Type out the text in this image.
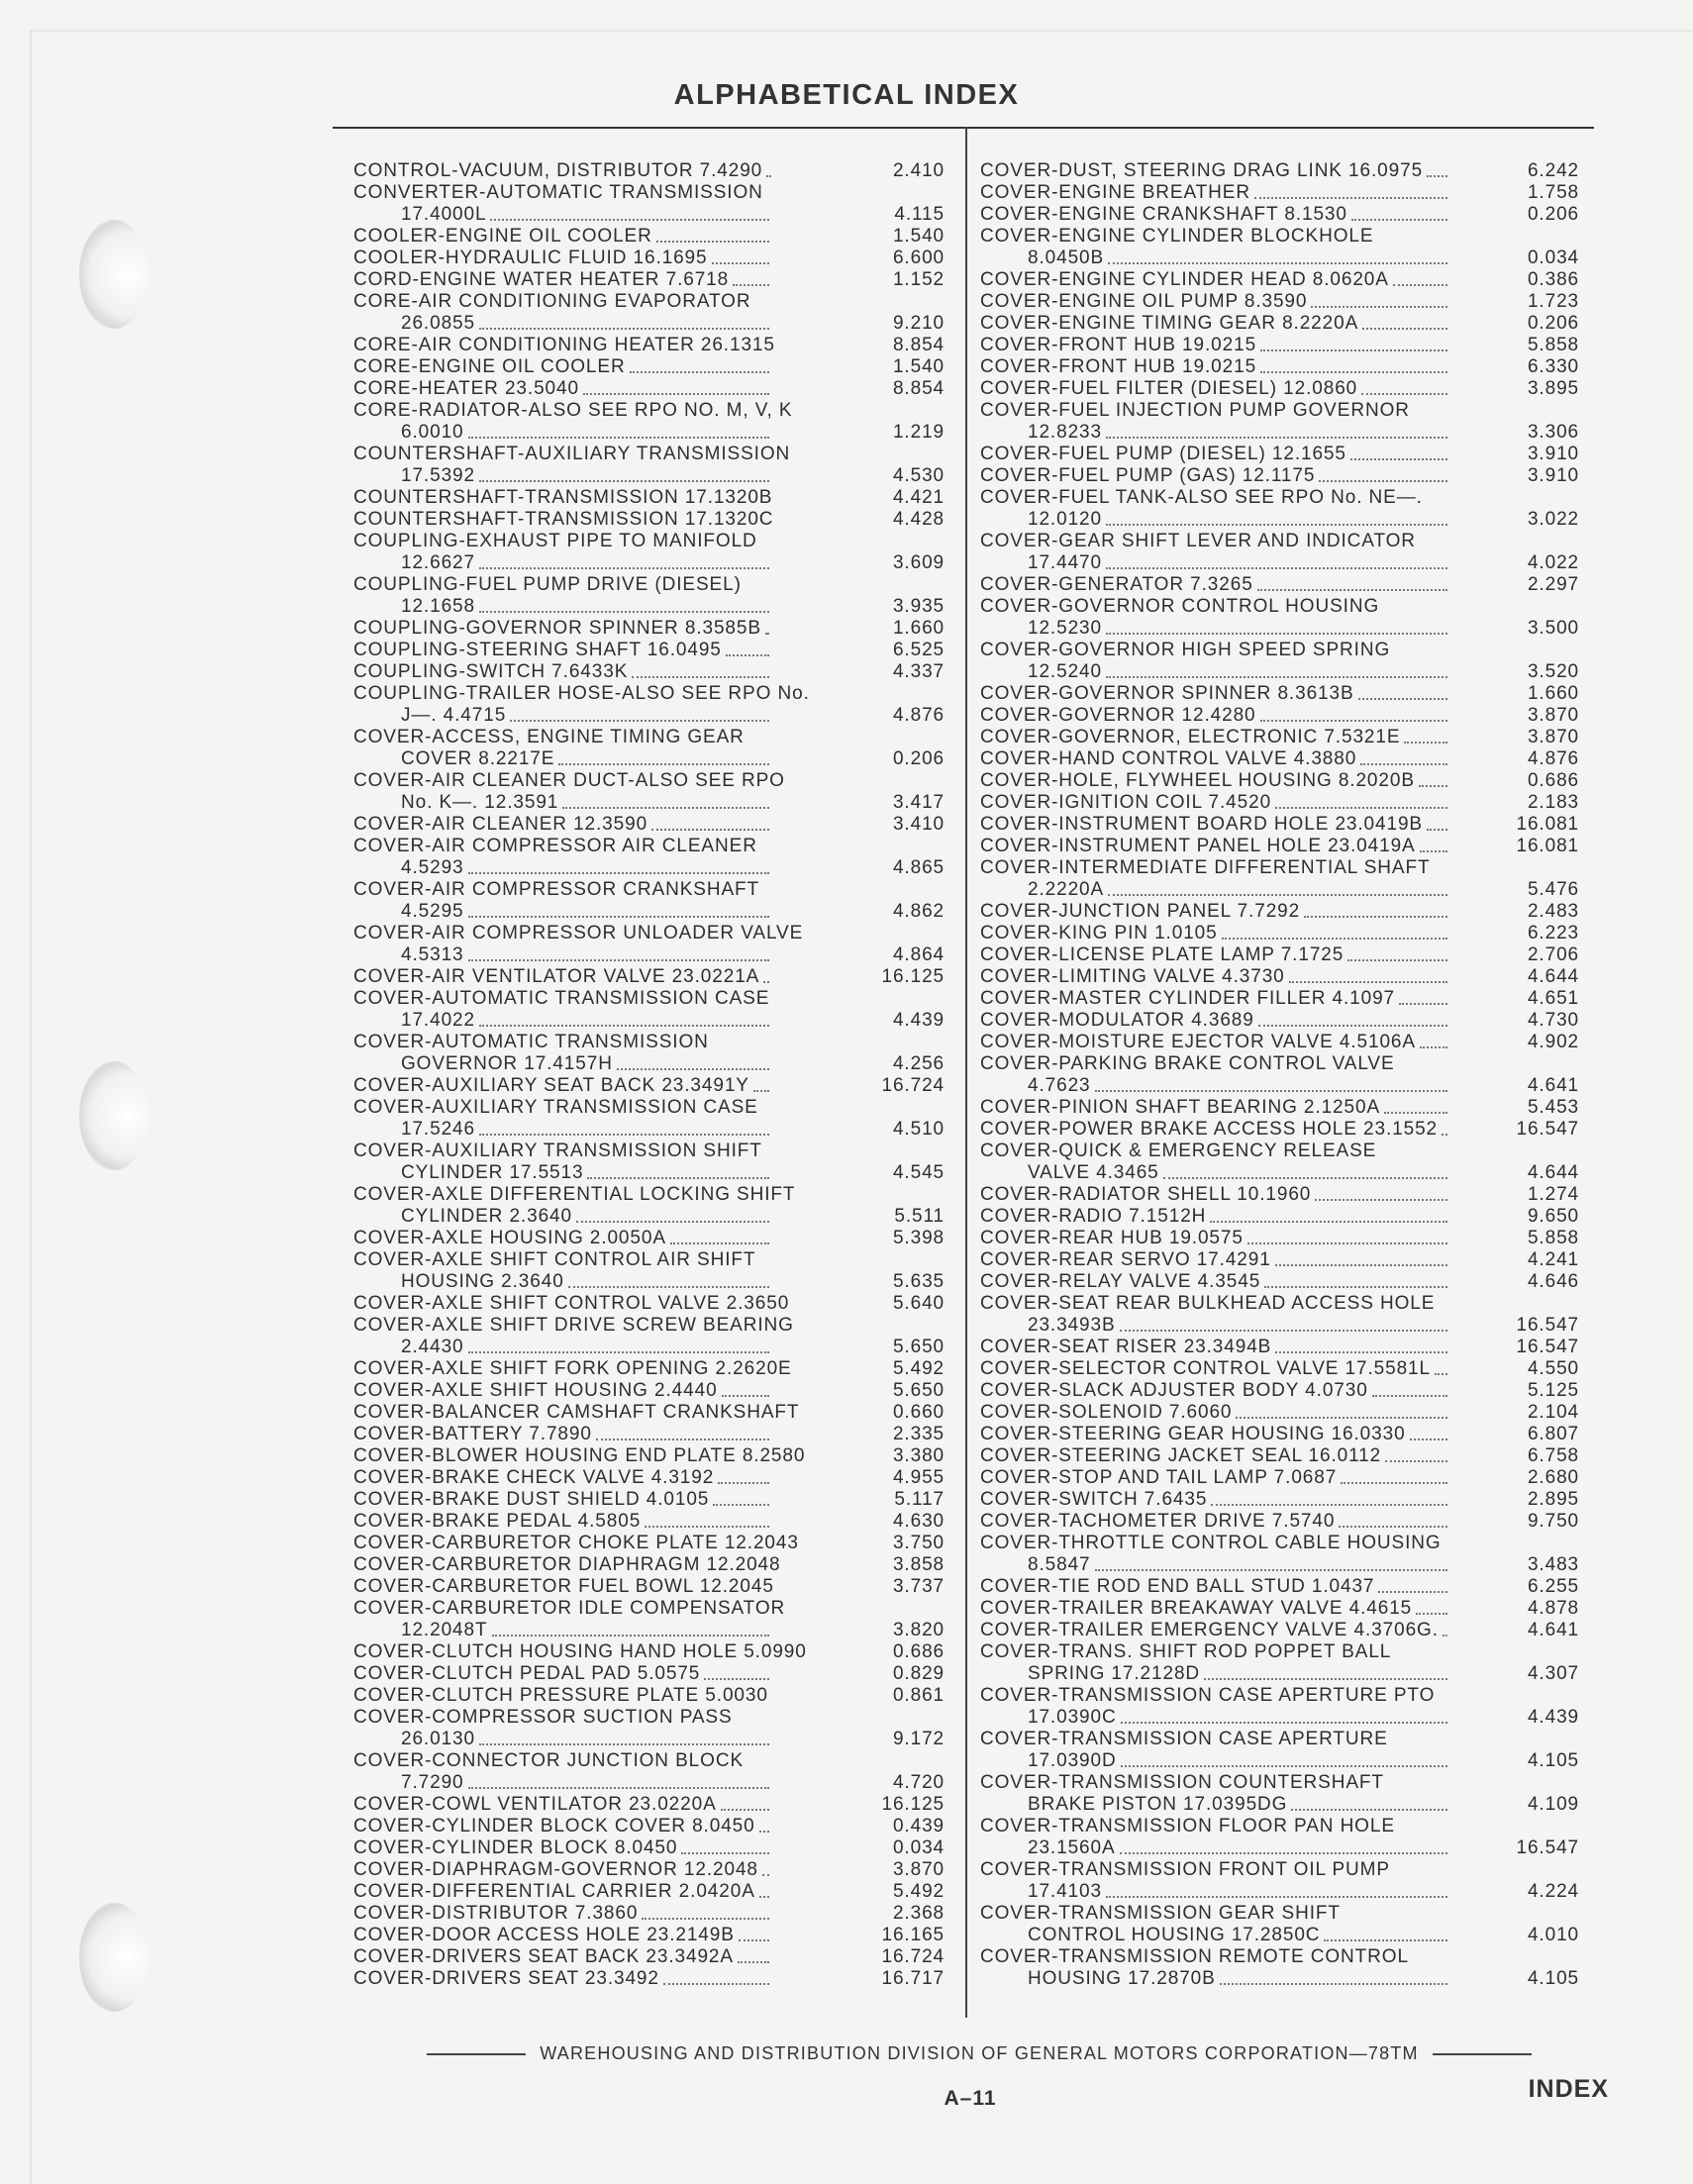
ALPHABETICAL INDEX
CONTROL-VACUUM, DISTRIBUTOR 7.4290	2.410
CONVERTER-AUTOMATIC TRANSMISSION
17.4000L	4.115
COOLER-ENGINE OIL COOLER	1.540
COOLER-HYDRAULIC FLUID 16.1695	6.600
CORD-ENGINE WATER HEATER 7.6718	1.152
CORE-AIR CONDITIONING EVAPORATOR
26.0855	9.210
CORE-AIR CONDITIONING HEATER 26.1315	8.854
CORE-ENGINE OIL COOLER	1.540
CORE-HEATER 23.5040	8.854
CORE-RADIATOR-ALSO SEE RPO NO. M, V, K
6.0010	1.219
COUNTERSHAFT-AUXILIARY TRANSMISSION
17.5392	4.530
COUNTERSHAFT-TRANSMISSION 17.1320B	4.421
COUNTERSHAFT-TRANSMISSION 17.1320C	4.428
COUPLING-EXHAUST PIPE TO MANIFOLD
12.6627	3.609
COUPLING-FUEL PUMP DRIVE (DIESEL)
12.1658	3.935
COUPLING-GOVERNOR SPINNER 8.3585B	1.660
COUPLING-STEERING SHAFT 16.0495	6.525
COUPLING-SWITCH 7.6433K	4.337
COUPLING-TRAILER HOSE-ALSO SEE RPO No.
J—. 4.4715	4.876
COVER-ACCESS, ENGINE TIMING GEAR
COVER 8.2217E	0.206
COVER-AIR CLEANER DUCT-ALSO SEE RPO
No. K—. 12.3591	3.417
COVER-AIR CLEANER 12.3590	3.410
COVER-AIR COMPRESSOR AIR CLEANER
4.5293	4.865
COVER-AIR COMPRESSOR CRANKSHAFT
4.5295	4.862
COVER-AIR COMPRESSOR UNLOADER VALVE
4.5313	4.864
COVER-AIR VENTILATOR VALVE 23.0221A	16.125
COVER-AUTOMATIC TRANSMISSION CASE
17.4022	4.439
COVER-AUTOMATIC TRANSMISSION
GOVERNOR 17.4157H	4.256
COVER-AUXILIARY SEAT BACK 23.3491Y	16.724
COVER-AUXILIARY TRANSMISSION CASE
17.5246	4.510
COVER-AUXILIARY TRANSMISSION SHIFT
CYLINDER 17.5513	4.545
COVER-AXLE DIFFERENTIAL LOCKING SHIFT
CYLINDER 2.3640	5.511
COVER-AXLE HOUSING 2.0050A	5.398
COVER-AXLE SHIFT CONTROL AIR SHIFT
HOUSING 2.3640	5.635
COVER-AXLE SHIFT CONTROL VALVE 2.3650	5.640
COVER-AXLE SHIFT DRIVE SCREW BEARING
2.4430	5.650
COVER-AXLE SHIFT FORK OPENING 2.2620E	5.492
COVER-AXLE SHIFT HOUSING 2.4440	5.650
COVER-BALANCER CAMSHAFT CRANKSHAFT	0.660
COVER-BATTERY 7.7890	2.335
COVER-BLOWER HOUSING END PLATE 8.2580	3.380
COVER-BRAKE CHECK VALVE 4.3192	4.955
COVER-BRAKE DUST SHIELD 4.0105	5.117
COVER-BRAKE PEDAL 4.5805	4.630
COVER-CARBURETOR CHOKE PLATE 12.2043	3.750
COVER-CARBURETOR DIAPHRAGM 12.2048	3.858
COVER-CARBURETOR FUEL BOWL 12.2045	3.737
COVER-CARBURETOR IDLE COMPENSATOR
12.2048T	3.820
COVER-CLUTCH HOUSING HAND HOLE 5.0990	0.686
COVER-CLUTCH PEDAL PAD 5.0575	0.829
COVER-CLUTCH PRESSURE PLATE 5.0030	0.861
COVER-COMPRESSOR SUCTION PASS
26.0130	9.172
COVER-CONNECTOR JUNCTION BLOCK
7.7290	4.720
COVER-COWL VENTILATOR 23.0220A	16.125
COVER-CYLINDER BLOCK COVER 8.0450	0.439
COVER-CYLINDER BLOCK 8.0450	0.034
COVER-DIAPHRAGM-GOVERNOR 12.2048	3.870
COVER-DIFFERENTIAL CARRIER 2.0420A	5.492
COVER-DISTRIBUTOR 7.3860	2.368
COVER-DOOR ACCESS HOLE 23.2149B	16.165
COVER-DRIVERS SEAT BACK 23.3492A	16.724
COVER-DRIVERS SEAT 23.3492	16.717
COVER-DUST, STEERING DRAG LINK 16.0975	6.242
COVER-ENGINE BREATHER	1.758
COVER-ENGINE CRANKSHAFT 8.1530	0.206
COVER-ENGINE CYLINDER BLOCKHOLE
8.0450B	0.034
COVER-ENGINE CYLINDER HEAD 8.0620A	0.386
COVER-ENGINE OIL PUMP 8.3590	1.723
COVER-ENGINE TIMING GEAR 8.2220A	0.206
COVER-FRONT HUB 19.0215	5.858
COVER-FRONT HUB 19.0215	6.330
COVER-FUEL FILTER (DIESEL) 12.0860	3.895
COVER-FUEL INJECTION PUMP GOVERNOR
12.8233	3.306
COVER-FUEL PUMP (DIESEL) 12.1655	3.910
COVER-FUEL PUMP (GAS) 12.1175	3.910
COVER-FUEL TANK-ALSO SEE RPO No. NE—.
12.0120	3.022
COVER-GEAR SHIFT LEVER AND INDICATOR
17.4470	4.022
COVER-GENERATOR 7.3265	2.297
COVER-GOVERNOR CONTROL HOUSING
12.5230	3.500
COVER-GOVERNOR HIGH SPEED SPRING
12.5240	3.520
COVER-GOVERNOR SPINNER 8.3613B	1.660
COVER-GOVERNOR 12.4280	3.870
COVER-GOVERNOR, ELECTRONIC 7.5321E	3.870
COVER-HAND CONTROL VALVE 4.3880	4.876
COVER-HOLE, FLYWHEEL HOUSING 8.2020B	0.686
COVER-IGNITION COIL 7.4520	2.183
COVER-INSTRUMENT BOARD HOLE 23.0419B	16.081
COVER-INSTRUMENT PANEL HOLE 23.0419A	16.081
COVER-INTERMEDIATE DIFFERENTIAL SHAFT
2.2220A	5.476
COVER-JUNCTION PANEL 7.7292	2.483
COVER-KING PIN 1.0105	6.223
COVER-LICENSE PLATE LAMP 7.1725	2.706
COVER-LIMITING VALVE 4.3730	4.644
COVER-MASTER CYLINDER FILLER 4.1097	4.651
COVER-MODULATOR 4.3689	4.730
COVER-MOISTURE EJECTOR VALVE 4.5106A	4.902
COVER-PARKING BRAKE CONTROL VALVE
4.7623	4.641
COVER-PINION SHAFT BEARING 2.1250A	5.453
COVER-POWER BRAKE ACCESS HOLE 23.1552	16.547
COVER-QUICK & EMERGENCY RELEASE
VALVE 4.3465	4.644
COVER-RADIATOR SHELL 10.1960	1.274
COVER-RADIO 7.1512H	9.650
COVER-REAR HUB 19.0575	5.858
COVER-REAR SERVO 17.4291	4.241
COVER-RELAY VALVE 4.3545	4.646
COVER-SEAT REAR BULKHEAD ACCESS HOLE
23.3493B	16.547
COVER-SEAT RISER 23.3494B	16.547
COVER-SELECTOR CONTROL VALVE 17.5581L	4.550
COVER-SLACK ADJUSTER BODY 4.0730	5.125
COVER-SOLENOID 7.6060	2.104
COVER-STEERING GEAR HOUSING 16.0330	6.807
COVER-STEERING JACKET SEAL 16.0112	6.758
COVER-STOP AND TAIL LAMP 7.0687	2.680
COVER-SWITCH 7.6435	2.895
COVER-TACHOMETER DRIVE 7.5740	9.750
COVER-THROTTLE CONTROL CABLE HOUSING
8.5847	3.483
COVER-TIE ROD END BALL STUD 1.0437	6.255
COVER-TRAILER BREAKAWAY VALVE 4.4615	4.878
COVER-TRAILER EMERGENCY VALVE 4.3706G.	4.641
COVER-TRANS. SHIFT ROD POPPET BALL
SPRING 17.2128D	4.307
COVER-TRANSMISSION CASE APERTURE PTO
17.0390C	4.439
COVER-TRANSMISSION CASE APERTURE
17.0390D	4.105
COVER-TRANSMISSION COUNTERSHAFT
BRAKE PISTON 17.0395DG	4.109
COVER-TRANSMISSION FLOOR PAN HOLE
23.1560A	16.547
COVER-TRANSMISSION FRONT OIL PUMP
17.4103	4.224
COVER-TRANSMISSION GEAR SHIFT
CONTROL HOUSING 17.2850C	4.010
COVER-TRANSMISSION REMOTE CONTROL
HOUSING 17.2870B	4.105
WAREHOUSING AND DISTRIBUTION DIVISION OF GENERAL MOTORS CORPORATION—78TM
A–11	INDEX
